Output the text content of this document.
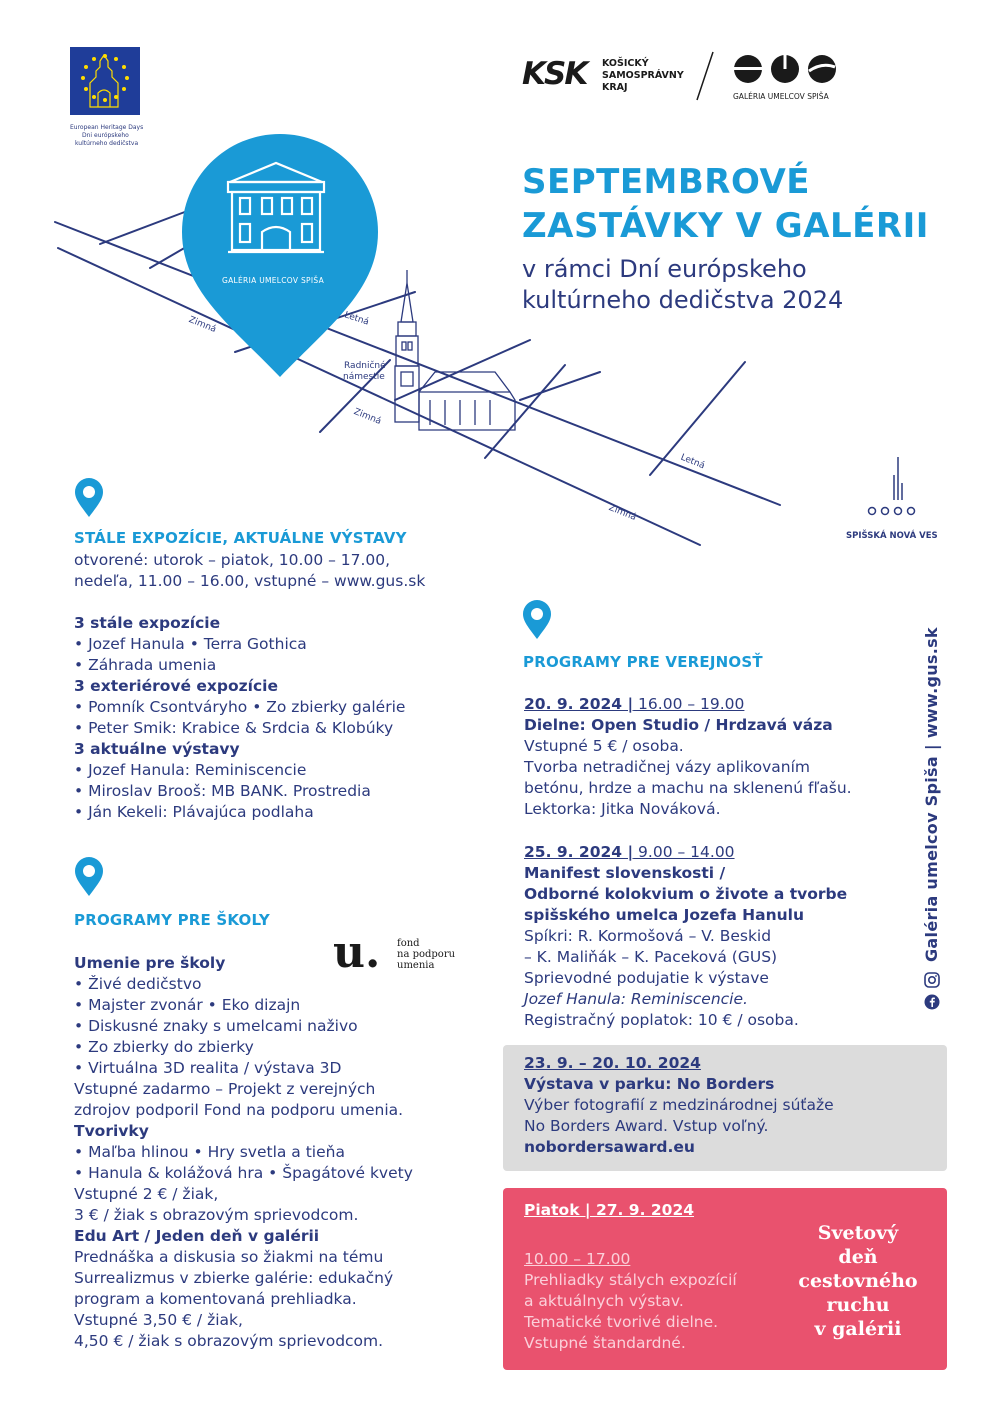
European Heritage Days
Dni európskeho
kultúrneho dedičstva
KSK KOŠICKÝ
SAMOSPRÁVNY
KRAJ
GALÉRIA UMELCOV SPIŠA
SEPTEMBROVÉ
ZASTÁVKY V GALÉRII
v rámci Dní európskeho
kultúrneho dedičstva 2024
GALÉRIA UMELCOV SPIŠA
Zimná	Letná
Radničné
námestie
Zimná
Letná
Zimná
SPIŠSKÁ NOVÁ VES
STÁLE EXPOZÍCIE, AKTUÁLNE VÝSTAVY
otvorené: utorok – piatok, 10.00 – 17.00,
nedeľa, 11.00 – 16.00, vstupné – www.gus.sk
3 stále expozície
• Jozef Hanula • Terra Gothica
• Záhrada umenia
3 exteriérové expozície
• Pomník Csontváryho • Zo zbierky galérie
• Peter Smik: Krabice & Srdcia & Klobúky
3 aktuálne výstavy
• Jozef Hanula: Reminiscencie
• Miroslav Brooš: MB BANK. Prostredia
• Ján Kekeli: Plávajúca podlaha
PROGRAMY PRE ŠKOLY
u. fond
na podporu
umenia
Umenie pre školy
• Živé dedičstvo
• Majster zvonár • Eko dizajn
• Diskusné znaky s umelcami naživo
• Zo zbierky do zbierky
• Virtuálna 3D realita / výstava 3D
Vstupné zadarmo – Projekt z verejných
zdrojov podporil Fond na podporu umenia.
Tvorivky
• Maľba hlinou • Hry svetla a tieňa
• Hanula & kolážová hra • Špagátové kvety
Vstupné 2 € / žiak,
3 € / žiak s obrazovým sprievodcom.
Edu Art / Jeden deň v galérii
Prednáška a diskusia so žiakmi na tému
Surrealizmus v zbierke galérie: edukačný
program a komentovaná prehliadka.
Vstupné 3,50 € / žiak,
4,50 € / žiak s obrazovým sprievodcom.
PROGRAMY PRE VEREJNOSŤ
20. 9. 2024 | 16.00 – 19.00
Dielne: Open Studio / Hrdzavá váza
Vstupné 5 € / osoba.
Tvorba netradičnej vázy aplikovaním
betónu, hrdze a machu na sklenenú fľašu.
Lektorka: Jitka Nováková.
25. 9. 2024 | 9.00 – 14.00
Manifest slovenskosti /
Odborné kolokvium o živote a tvorbe
spišského umelca Jozefa Hanulu
Spíkri: R. Kormošová – V. Beskid
– K. Maliňák – K. Paceková (GUS)
Sprievodné podujatie k výstave
Jozef Hanula: Reminiscencie.
Registračný poplatok: 10 € / osoba.
23. 9. – 20. 10. 2024
Výstava v parku: No Borders
Výber fotografií z medzinárodnej súťaže
No Borders Award. Vstup voľný.
nobordersaward.eu
Piatok | 27. 9. 2024
10.00 – 17.00
Prehliadky stálych expozícií
a aktuálnych výstav.
Tematické tvorivé dielne.
Vstupné štandardné.
Svetový
deň
cestovného
ruchu
v galérii
Galéria umelcov Spiša | www.gus.sk
